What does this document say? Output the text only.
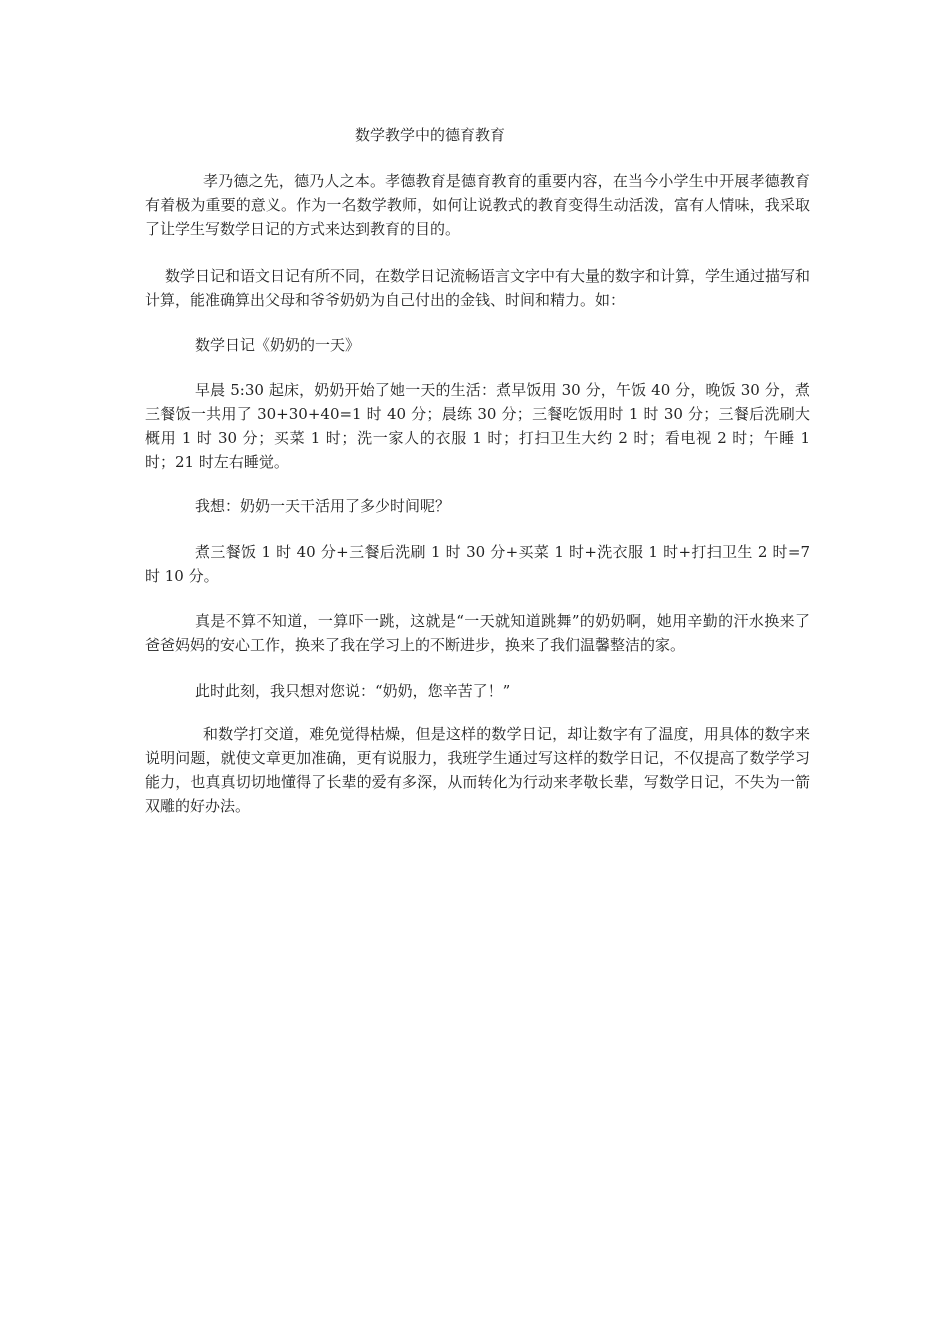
数学教学中的德育教育

孝乃德之先，德乃人之本。孝德教育是德育教育的重要内容，在当今小学生中开展孝德教育有着极为重要的意义。作为一名数学教师，如何让说教式的教育变得生动活泼，富有人情味，我采取了让学生写数学日记的方式来达到教育的目的。

数学日记和语文日记有所不同，在数学日记流畅语言文字中有大量的数字和计算，学生通过描写和计算，能准确算出父母和爷爷奶奶为自己付出的金钱、时间和精力。如：

数学日记《奶奶的一天》

早晨 5:30 起床，奶奶开始了她一天的生活：煮早饭用 30 分，午饭 40 分，晚饭 30 分，煮三餐饭一共用了 30+30+40=1 时 40 分；晨练 30 分；三餐吃饭用时 1 时 30 分；三餐后洗刷大概用 1 时 30 分；买菜 1 时；洗一家人的衣服 1 时；打扫卫生大约 2 时；看电视 2 时；午睡 1 时；21 时左右睡觉。

我想：奶奶一天干活用了多少时间呢？

煮三餐饭 1 时 40 分+三餐后洗刷 1 时 30 分+买菜 1 时+洗衣服 1 时+打扫卫生 2 时=7 时 10 分。

真是不算不知道，一算吓一跳，这就是“一天就知道跳舞”的奶奶啊，她用辛勤的汗水换来了爸爸妈妈的安心工作，换来了我在学习上的不断进步，换来了我们温馨整洁的家。

此时此刻，我只想对您说：“奶奶，您辛苦了！”

和数学打交道，难免觉得枯燥，但是这样的数学日记，却让数字有了温度，用具体的数字来说明问题，就使文章更加准确，更有说服力，我班学生通过写这样的数学日记，不仅提高了数学学习能力，也真真切切地懂得了长辈的爱有多深，从而转化为行动来孝敬长辈，写数学日记，不失为一箭双雕的好办法。
